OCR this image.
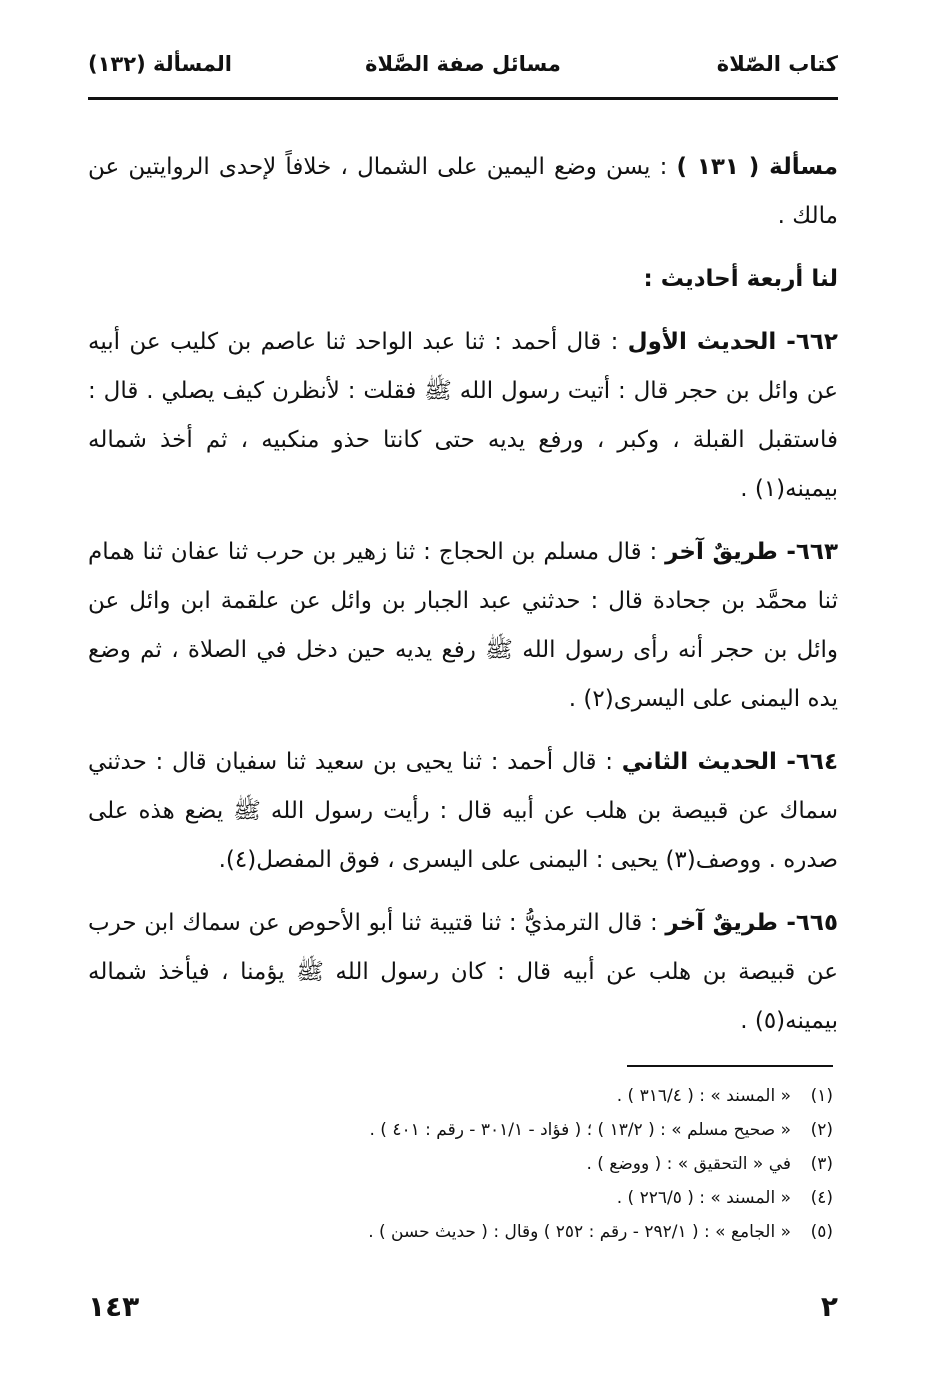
كتاب الصّلاة
مسائل صفة الصَّلاة
المسألة (١٣٢)

مسألة ( ١٣١ ) : يسن وضع اليمين على الشمال ، خلافاً لإحدى الروايتين عن مالك .

لنا أربعة أحاديث :

٦٦٢- الحديث الأول : قال أحمد : ثنا عبد الواحد ثنا عاصم بن كليب عن أبيه عن وائل بن حجر قال : أتيت رسول الله ﷺ فقلت : لأنظرن كيف يصلي . قال : فاستقبل القبلة ، وكبر ، ورفع يديه حتى كانتا حذو منكبيه ، ثم أخذ شماله بيمينه(١) .

٦٦٣- طريقٌ آخر : قال مسلم بن الحجاج : ثنا زهير بن حرب ثنا عفان ثنا همام ثنا محمَّد بن جحادة قال : حدثني عبد الجبار بن وائل عن علقمة ابن وائل عن وائل بن حجر أنه رأى رسول الله ﷺ رفع يديه حين دخل في الصلاة ، ثم وضع يده اليمنى على اليسرى(٢) .

٦٦٤- الحديث الثاني : قال أحمد : ثنا يحيى بن سعيد ثنا سفيان قال : حدثني سماك عن قبيصة بن هلب عن أبيه قال : رأيت رسول الله ﷺ يضع هذه على صدره . ووصف(٣) يحيى : اليمنى على اليسرى ، فوق المفصل(٤).

٦٦٥- طريقٌ آخر : قال الترمذيُّ : ثنا قتيبة ثنا أبو الأحوص عن سماك ابن حرب عن قبيصة بن هلب عن أبيه قال : كان رسول الله ﷺ يؤمنا ، فيأخذ شماله بيمينه(٥) .

(١)
« المسند » : ( ٣١٦/٤ ) .
(٢)
« صحيح مسلم » : ( ١٣/٢ ) ؛ ( فؤاد - ٣٠١/١ - رقم : ٤٠١ ) .
(٣)
في « التحقيق » : ( ووضع ) .
(٤)
« المسند » : ( ٢٢٦/٥ ) .
(٥)
« الجامع » : ( ٢٩٢/١ - رقم : ٢٥٢ ) وقال : ( حديث حسن ) .
٢
١٤٣
